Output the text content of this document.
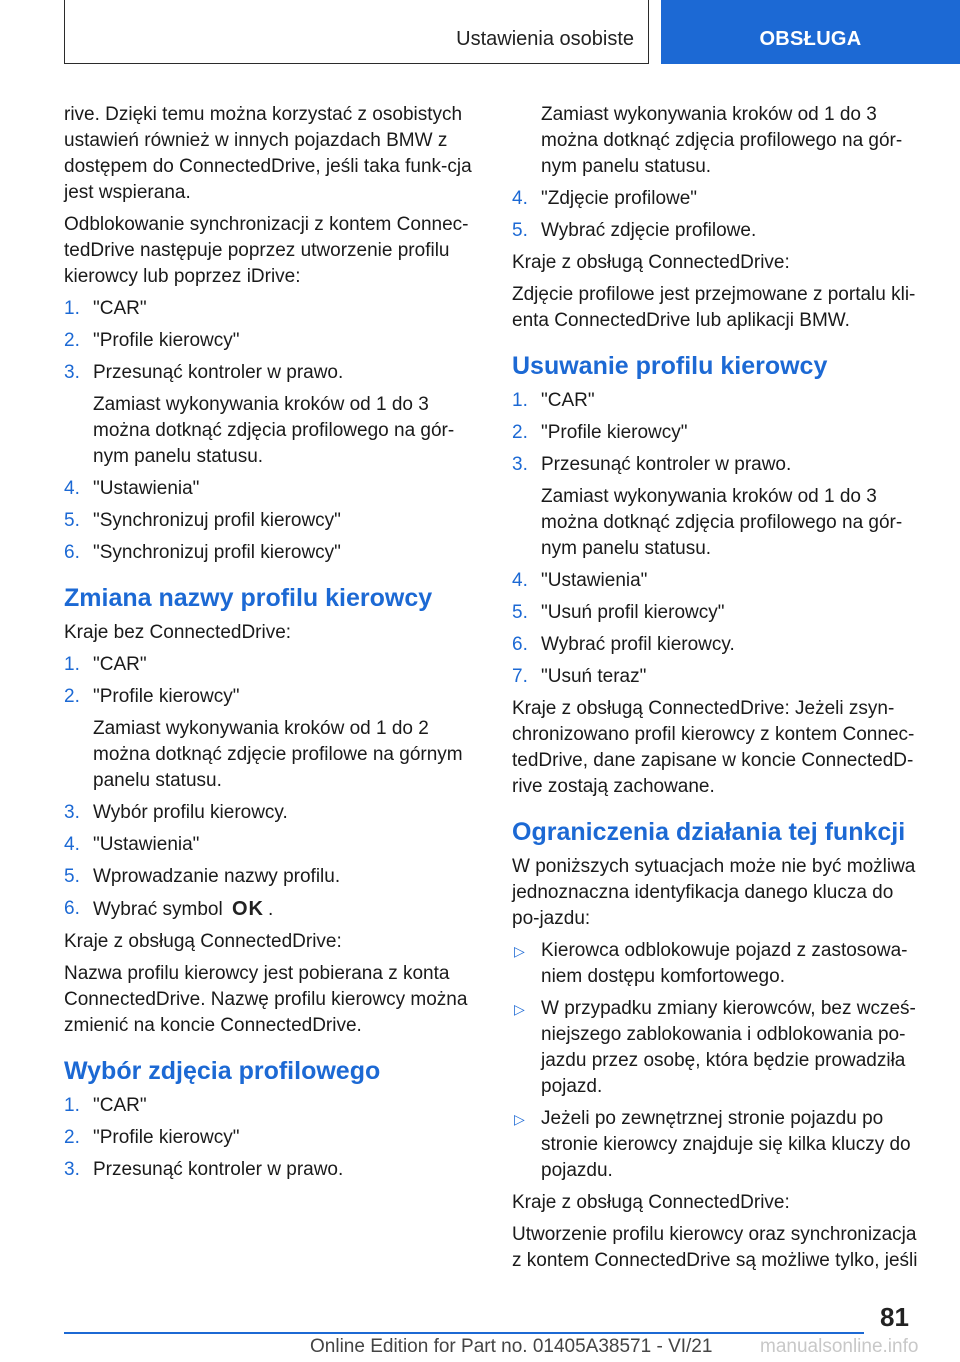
Ustawienia osobiste	OBSŁUGA
rive. Dzięki temu można korzystać z osobistych ustawień również w innych pojazdach BMW z dostępem do ConnectedDrive, jeśli taka funk-cja jest wspierana.
Odblokowanie synchronizacji z kontem Connec-tedDrive następuje poprzez utworzenie profilu kierowcy lub poprzez iDrive:
1. "CAR"
2. "Profile kierowcy"
3. Przesunąć kontroler w prawo.
Zamiast wykonywania kroków od 1 do 3 można dotknąć zdjęcia profilowego na gór-nym panelu statusu.
4. "Ustawienia"
5. "Synchronizuj profil kierowcy"
6. "Synchronizuj profil kierowcy"
Zmiana nazwy profilu kierowcy
Kraje bez ConnectedDrive:
1. "CAR"
2. "Profile kierowcy"
Zamiast wykonywania kroków od 1 do 2 można dotknąć zdjęcie profilowe na górnym panelu statusu.
3. Wybór profilu kierowcy.
4. "Ustawienia"
5. Wprowadzanie nazwy profilu.
6. Wybrać symbol OK .
Kraje z obsługą ConnectedDrive:
Nazwa profilu kierowcy jest pobierana z konta ConnectedDrive. Nazwę profilu kierowcy można zmienić na koncie ConnectedDrive.
Wybór zdjęcia profilowego
1. "CAR"
2. "Profile kierowcy"
3. Przesunąć kontroler w prawo.
Zamiast wykonywania kroków od 1 do 3 można dotknąć zdjęcia profilowego na gór-nym panelu statusu.
4. "Zdjęcie profilowe"
5. Wybrać zdjęcie profilowe.
Kraje z obsługą ConnectedDrive:
Zdjęcie profilowe jest przejmowane z portalu kli-enta ConnectedDrive lub aplikacji BMW.
Usuwanie profilu kierowcy
1. "CAR"
2. "Profile kierowcy"
3. Przesunąć kontroler w prawo.
Zamiast wykonywania kroków od 1 do 3 można dotknąć zdjęcia profilowego na gór-nym panelu statusu.
4. "Ustawienia"
5. "Usuń profil kierowcy"
6. Wybrać profil kierowcy.
7. "Usuń teraz"
Kraje z obsługą ConnectedDrive: Jeżeli zsyn-chronizowano profil kierowcy z kontem Connec-tedDrive, dane zapisane w koncie ConnectedD-rive zostają zachowane.
Ograniczenia działania tej funkcji
W poniższych sytuacjach może nie być możliwa jednoznaczna identyfikacja danego klucza do po-jazdu:
▷ Kierowca odblokowuje pojazd z zastosowa-niem dostępu komfortowego.
▷ W przypadku zmiany kierowców, bez wcześ-niejszego zablokowania i odblokowania po-jazdu przez osobę, która będzie prowadziła pojazd.
▷ Jeżeli po zewnętrznej stronie pojazdu po stronie kierowcy znajduje się kilka kluczy do pojazdu.
Kraje z obsługą ConnectedDrive:
Utworzenie profilu kierowcy oraz synchronizacja z kontem ConnectedDrive są możliwe tylko, jeśli
81
Online Edition for Part no. 01405A38571 - VI/21	manualsonline.info
